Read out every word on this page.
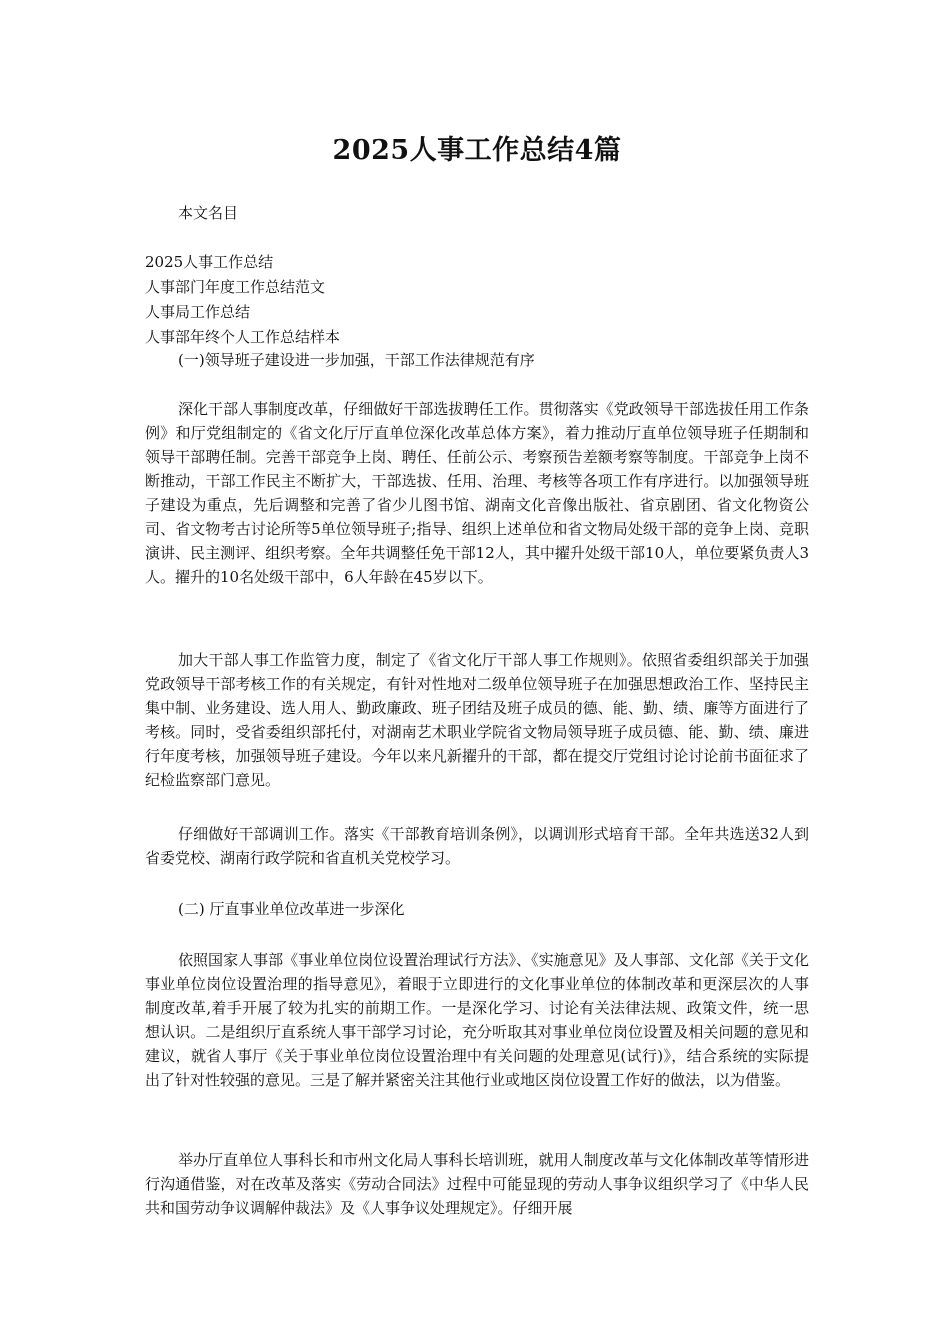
2025人事工作总结4篇
本文名目
2025人事工作总结
人事部门年度工作总结范文
人事局工作总结
人事部年终个人工作总结样本

(一)领导班子建设进一步加强，干部工作法律规范有序

深化干部人事制度改革，仔细做好干部选拔聘任工作。贯彻落实《党政领导干部选拔任用工作条例》和厅党组制定的《省文化厅厅直单位深化改革总体方案》，着力推动厅直单位领导班子任期制和领导干部聘任制。完善干部竞争上岗、聘任、任前公示、考察预告差额考察等制度。干部竞争上岗不断推动，干部工作民主不断扩大，干部选拔、任用、治理、考核等各项工作有序进行。以加强领导班子建设为重点，先后调整和完善了省少儿图书馆、湖南文化音像出版社、省京剧团、省文化物资公司、省文物考古讨论所等5单位领导班子;指导、组织上述单位和省文物局处级干部的竞争上岗、竞职演讲、民主测评、组织考察。全年共调整任免干部12人，其中擢升处级干部10人，单位要紧负责人3人。擢升的10名处级干部中，6人年龄在45岁以下。

加大干部人事工作监管力度，制定了《省文化厅干部人事工作规则》。依照省委组织部关于加强党政领导干部考核工作的有关规定，有针对性地对二级单位领导班子在加强思想政治工作、坚持民主集中制、业务建设、选人用人、勤政廉政、班子团结及班子成员的德、能、勤、绩、廉等方面进行了考核。同时，受省委组织部托付，对湖南艺术职业学院省文物局领导班子成员德、能、勤、绩、廉进行年度考核，加强领导班子建设。今年以来凡新擢升的干部，都在提交厅党组讨论讨论前书面征求了纪检监察部门意见。

仔细做好干部调训工作。落实《干部教育培训条例》，以调训形式培育干部。全年共选送32人到省委党校、湖南行政学院和省直机关党校学习。

(二) 厅直事业单位改革进一步深化

依照国家人事部《事业单位岗位设置治理试行方法》、《实施意见》及人事部、文化部《关于文化事业单位岗位设置治理的指导意见》，着眼于立即进行的文化事业单位的体制改革和更深层次的人事制度改革,着手开展了较为扎实的前期工作。一是深化学习、讨论有关法律法规、政策文件，统一思想认识。二是组织厅直系统人事干部学习讨论，充分听取其对事业单位岗位设置及相关问题的意见和建议，就省人事厅《关于事业单位岗位设置治理中有关问题的处理意见(试行)》，结合系统的实际提出了针对性较强的意见。三是了解并紧密关注其他行业或地区岗位设置工作好的做法，以为借鉴。

举办厅直单位人事科长和市州文化局人事科长培训班，就用人制度改革与文化体制改革等情形进行沟通借鉴，对在改革及落实《劳动合同法》过程中可能显现的劳动人事争议组织学习了《中华人民共和国劳动争议调解仲裁法》及《人事争议处理规定》。仔细开展
